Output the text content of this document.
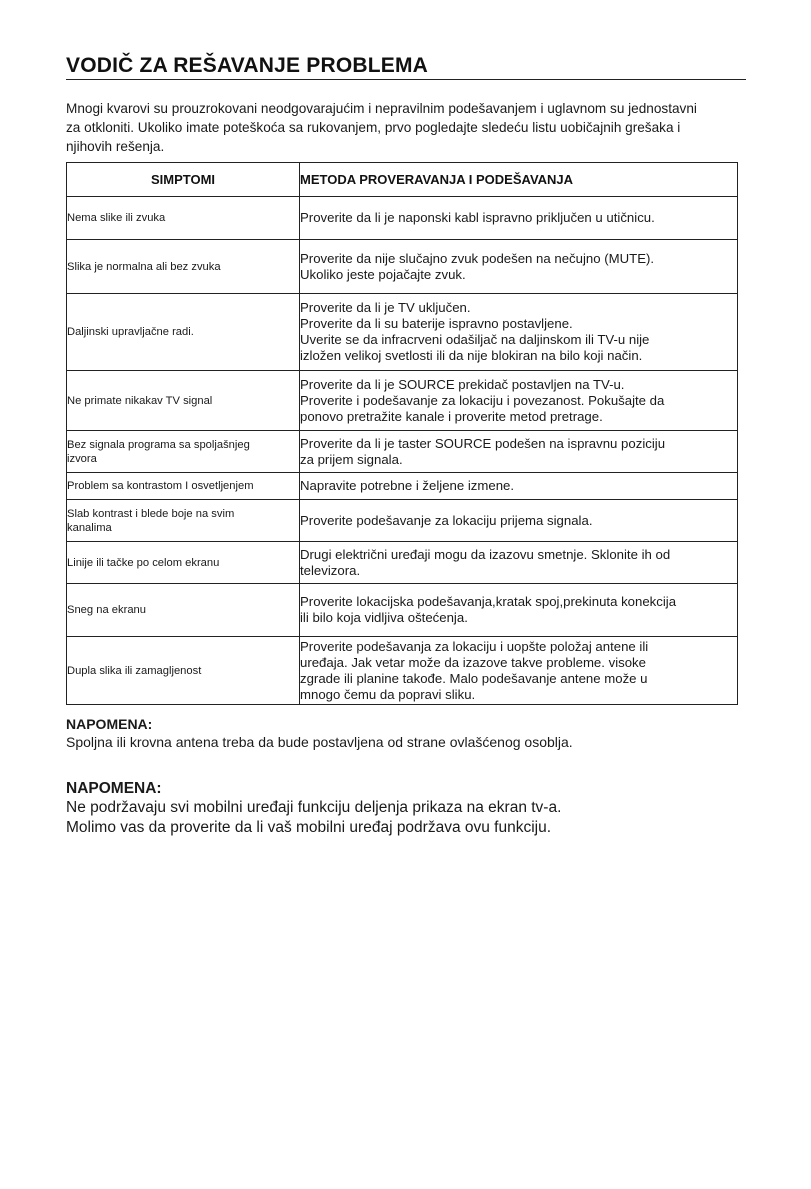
VODIČ ZA REŠAVANJE PROBLEMA

Mnogi kvarovi su prouzrokovani neodgovarajućim i nepravilnim podešavanjem i uglavnom su jednostavni
za otkloniti. Ukoliko imate poteškoća sa rukovanjem, prvo pogledajte sledeću listu uobičajnih grešaka i
njihovih rešenja.

SIMPTOMI	METODA PROVERAVANJA I PODEŠAVANJA

Nema slike ili zvuka	Proverite da li je naponski kabl ispravno priključen u utičnicu.

Slika je normalna ali bez zvuka	Proverite da nije slučajno zvuk podešen na nečujno (MUTE).
Ukoliko jeste pojačajte zvuk.

Daljinski upravljačne radi.	Proverite da li je TV uključen.
Proverite da li su baterije ispravno postavljene.
Uverite se da infracrveni odašiljač na daljinskom ili TV-u nije
izložen velikoj svetlosti ili da nije blokiran na bilo koji način.

Ne primate nikakav TV signal	Proverite da li je SOURCE prekidač postavljen na TV-u.
Proverite i podešavanje za lokaciju i povezanost. Pokušajte da
ponovo pretražite kanale i proverite metod pretrage.

Bez signala programa sa spoljašnjeg
izvora	Proverite da li je taster SOURCE podešen na ispravnu poziciju
za prijem signala.

Problem sa kontrastom I osvetljenjem	Napravite potrebne i željene izmene.

Slab kontrast i blede boje na svim
kanalima	Proverite podešavanje za lokaciju prijema signala.

Linije ili tačke po celom ekranu	Drugi električni uređaji mogu da izazovu smetnje. Sklonite ih od
televizora.

Sneg na ekranu	Proverite lokacijska podešavanja,kratak spoj,prekinuta konekcija
ili bilo koja vidljiva oštećenja.

Dupla slika ili zamagljenost	Proverite podešavanja za lokaciju i uopšte položaj antene ili
uređaja. Jak vetar može da izazove takve probleme. visoke
zgrade ili planine takođe. Malo podešavanje antene može u
mnogo čemu da popravi sliku.
NAPOMENA:

Spoljna ili krovna antena treba da bude postavljena od strane ovlašćenog osoblja.

NAPOMENA:

Ne podržavaju svi mobilni uređaji funkciju deljenja prikaza na ekran tv-a.

Molimo vas da proverite da li vaš mobilni uređaj podržava ovu funkciju.
